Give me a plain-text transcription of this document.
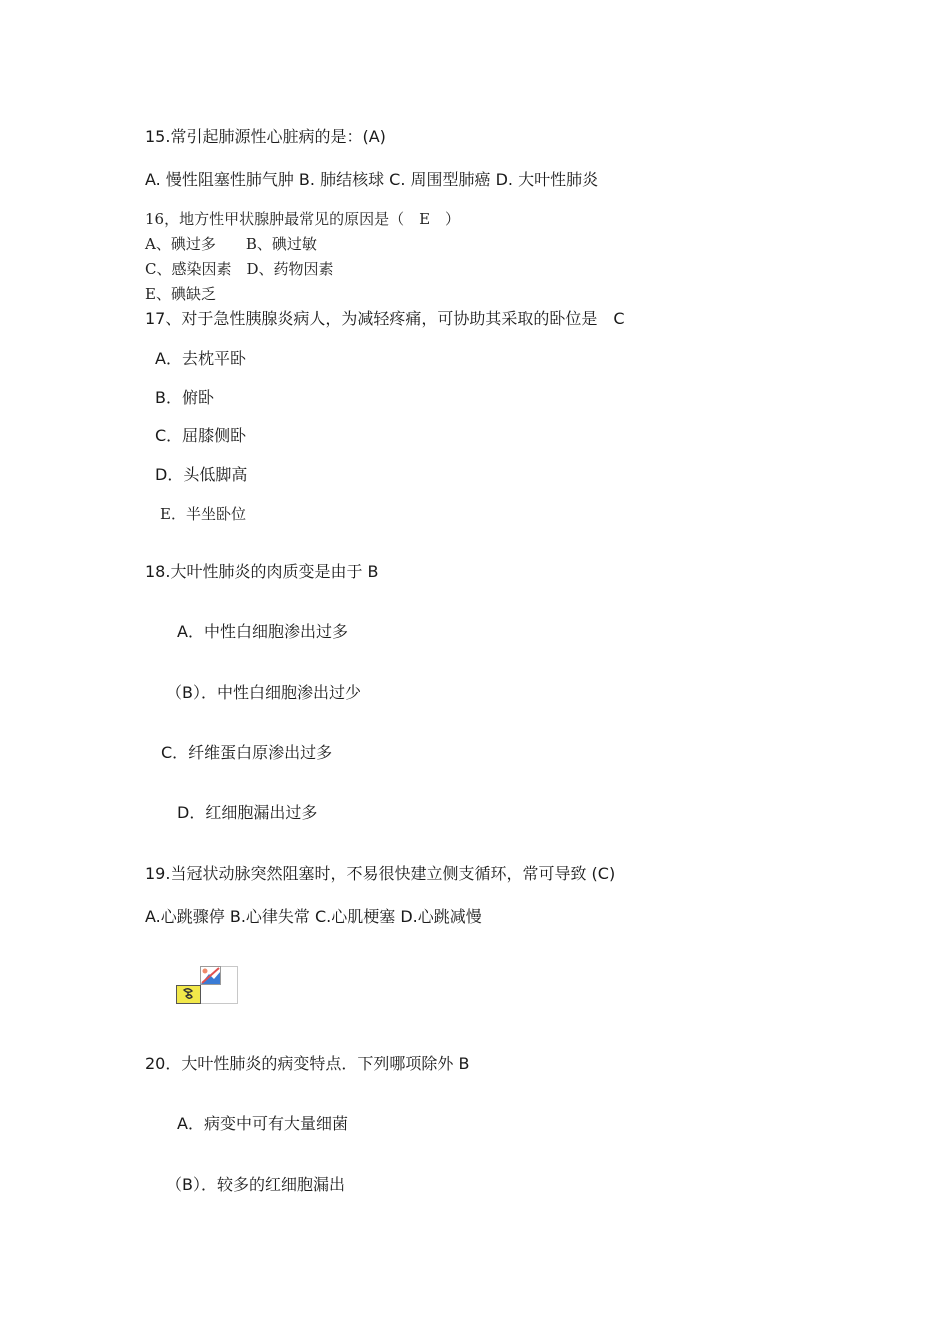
15.常引起肺源性心脏病的是：(A)
A. 慢性阻塞性肺气肿 B. 肺结核球 C. 周围型肺癌 D. 大叶性肺炎
16，地方性甲状腺肿最常见的原因是（　E　）
A、碘过多　　B、碘过敏
C、感染因素　D、药物因素
E、碘缺乏
17、对于急性胰腺炎病人，为减轻疼痛，可协助其采取的卧位是　C
A．去枕平卧
B．俯卧
C．屈膝侧卧
D．头低脚高
E．半坐卧位
18.大叶性肺炎的肉质变是由于 B
A．中性白细胞渗出过多
（B）．中性白细胞渗出过少
C．纤维蛋白原渗出过多
D．红细胞漏出过多
19.当冠状动脉突然阻塞时，不易很快建立侧支循环，常可导致 (C)
A.心跳骤停 B.心律失常 C.心肌梗塞 D.心跳减慢
20．大叶性肺炎的病变特点．下列哪项除外 B
A．病变中可有大量细菌
（B）．较多的红细胞漏出
